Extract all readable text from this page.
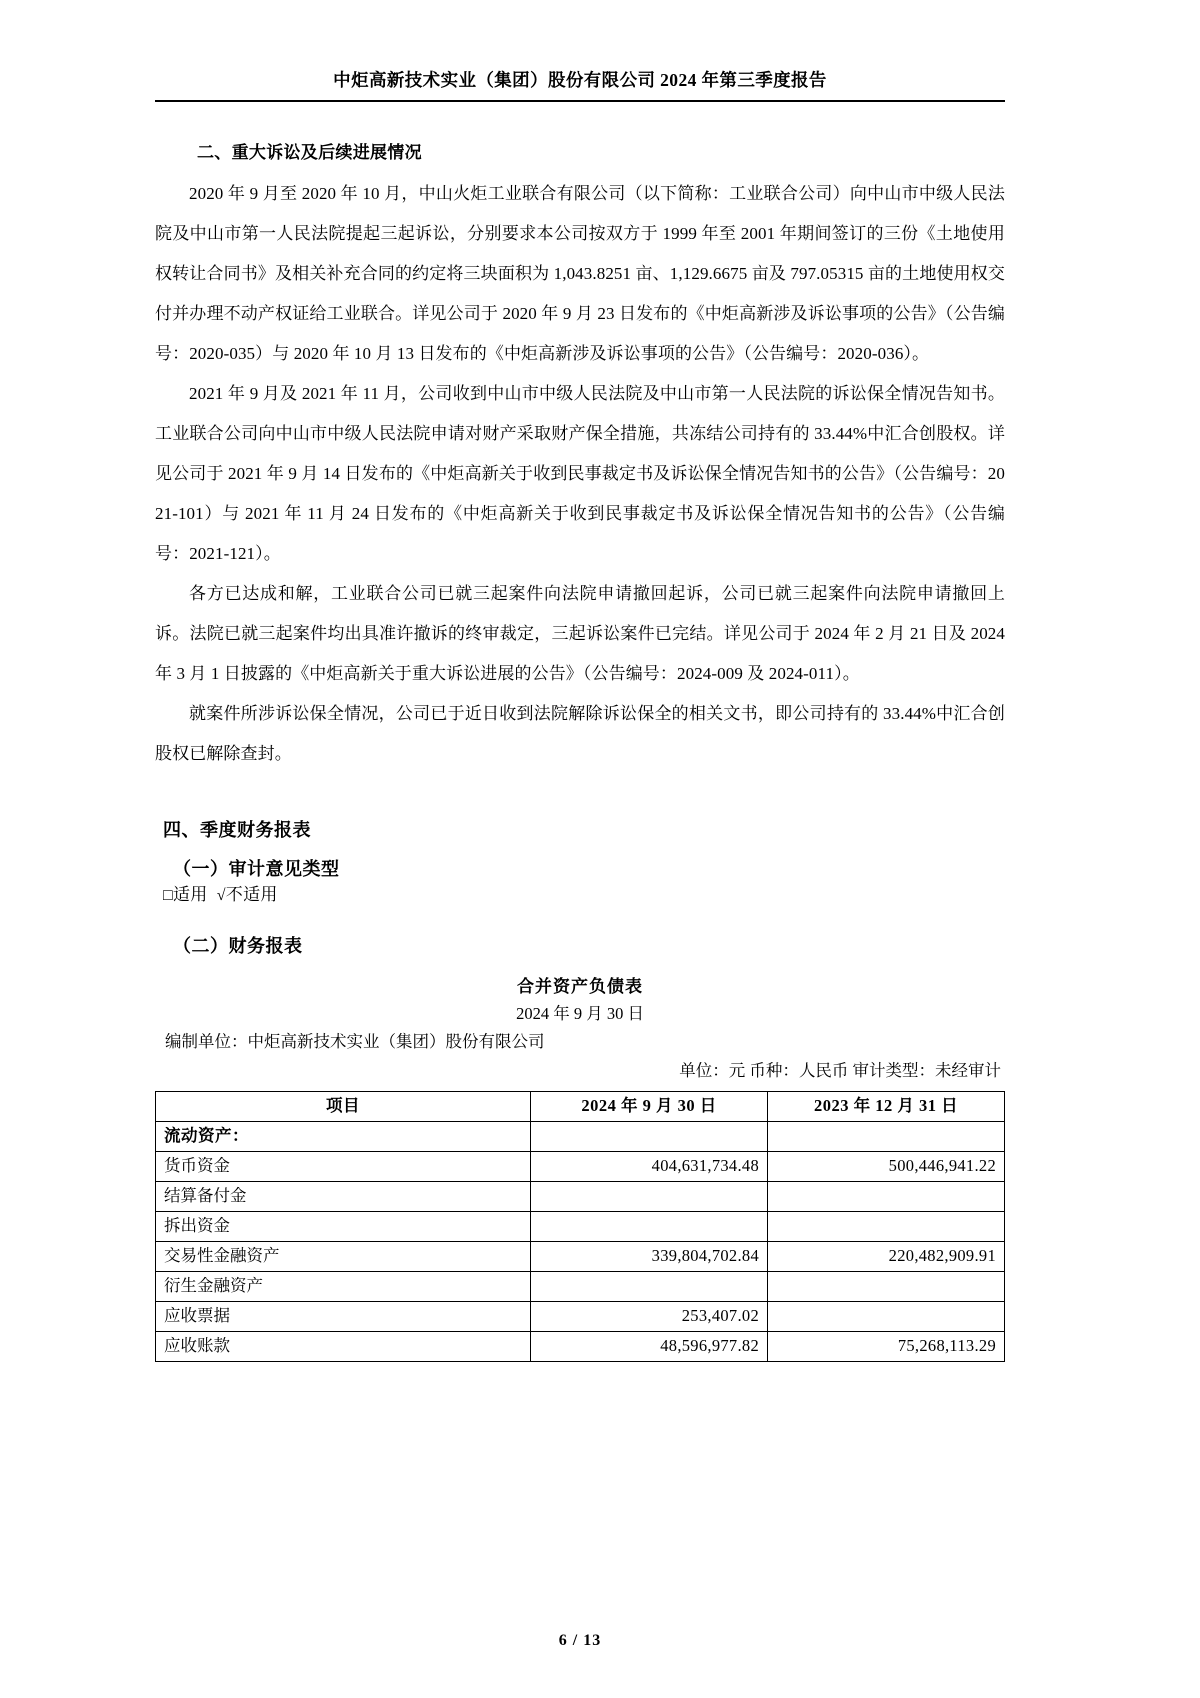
中炬高新技术实业（集团）股份有限公司 2024 年第三季度报告
二、重大诉讼及后续进展情况

2020 年 9 月至 2020 年 10 月，中山火炬工业联合有限公司（以下简称：工业联合公司）向中山市中级人民法院及中山市第一人民法院提起三起诉讼，分别要求本公司按双方于 1999 年至 2001 年期间签订的三份《土地使用权转让合同书》及相关补充合同的约定将三块面积为 1,043.8251 亩、1,129.6675 亩及 797.05315 亩的土地使用权交付并办理不动产权证给工业联合。详见公司于 2020 年 9 月 23 日发布的《中炬高新涉及诉讼事项的公告》（公告编号：2020-035）与 2020 年 10 月 13 日发布的《中炬高新涉及诉讼事项的公告》（公告编号：2020-036）。

2021 年 9 月及 2021 年 11 月，公司收到中山市中级人民法院及中山市第一人民法院的诉讼保全情况告知书。工业联合公司向中山市中级人民法院申请对财产采取财产保全措施，共冻结公司持有的 33.44%中汇合创股权。详见公司于 2021 年 9 月 14 日发布的《中炬高新关于收到民事裁定书及诉讼保全情况告知书的公告》（公告编号：2021-101）与 2021 年 11 月 24 日发布的《中炬高新关于收到民事裁定书及诉讼保全情况告知书的公告》（公告编号：2021-121）。

各方已达成和解，工业联合公司已就三起案件向法院申请撤回起诉，公司已就三起案件向法院申请撤回上诉。法院已就三起案件均出具准许撤诉的终审裁定，三起诉讼案件已完结。详见公司于 2024 年 2 月 21 日及 2024 年 3 月 1 日披露的《中炬高新关于重大诉讼进展的公告》（公告编号：2024-009 及 2024-011）。

就案件所涉诉讼保全情况，公司已于近日收到法院解除诉讼保全的相关文书，即公司持有的 33.44%中汇合创股权已解除查封。

四、季度财务报表
（一）审计意见类型

□适用 √不适用

（二）财务报表

合并资产负债表

2024 年 9 月 30 日

编制单位：中炬高新技术实业（集团）股份有限公司

单位：元 币种：人民币 审计类型：未经审计

项目	2024 年 9 月 30 日	2023 年 12 月 31 日
流动资产：		
货币资金	404,631,734.48	500,446,941.22
结算备付金		
拆出资金		
交易性金融资产	339,804,702.84	220,482,909.91
衍生金融资产		
应收票据	253,407.02	
应收账款	48,596,977.82	75,268,113.29
6 / 13
